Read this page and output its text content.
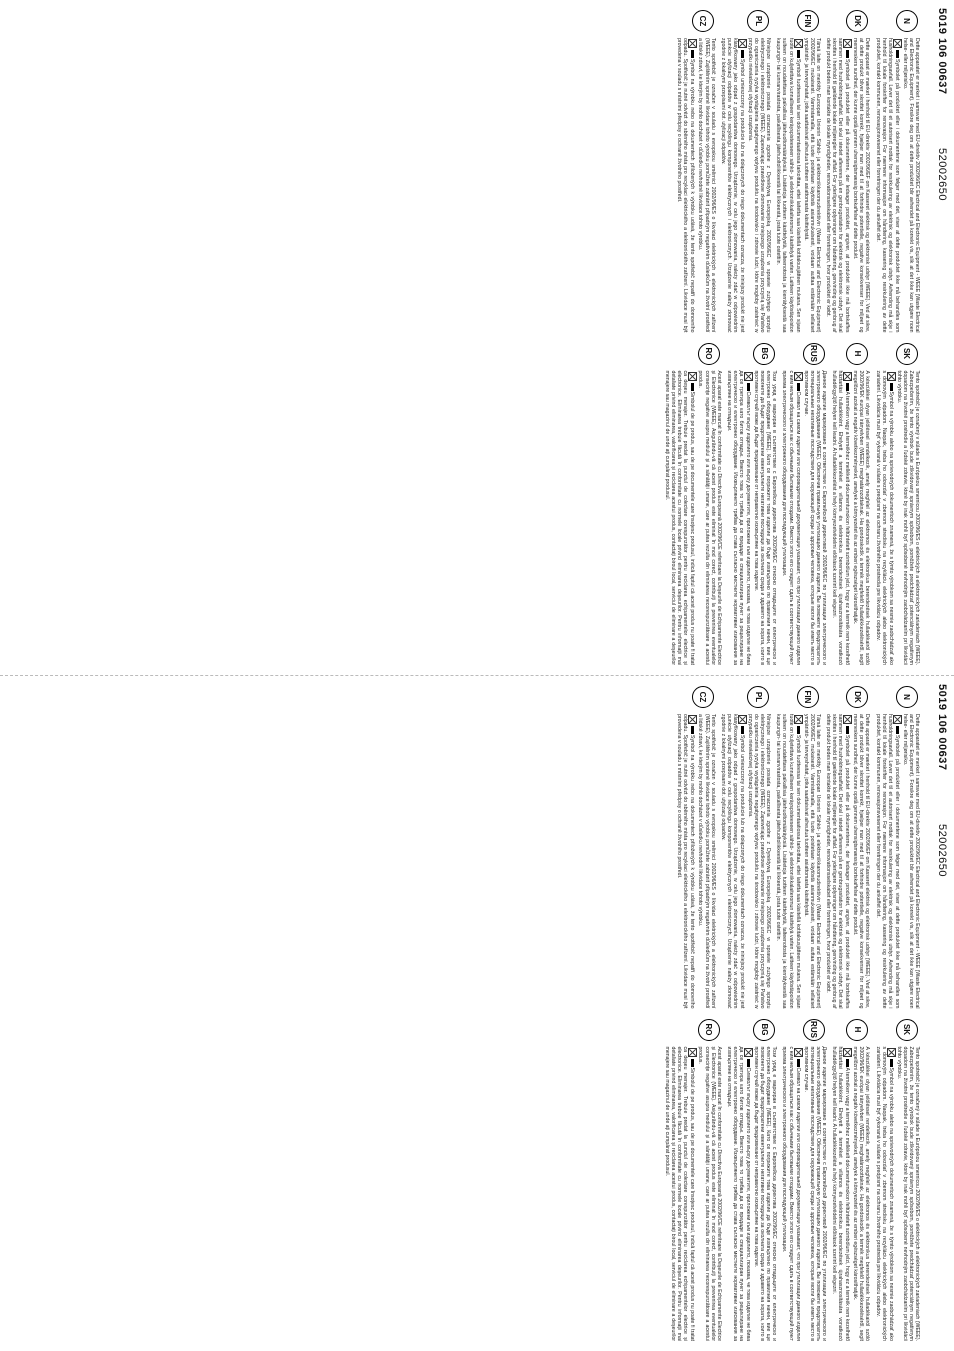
5019 106 00637
52002650
N
Dette apparatet er merket i samsvar med EU-direktiv 2002/96/EC Electrical and Electronic Equipment - WEEE (Waste Electrical and Electronic Equipment). Forsikre deg om at dette produktet blir avhendet på korrekt vis, slik at det ikke kan utgjøre noen helse- eller miljørisiko.
Symbolet på produktet eller i dokumentene som følger med det, viser at dette produktet ikke må behandles som husholdningsavfall. Lever det til et autorisert mottak for resirkulering av elektrisk og elektronisk utstyr. Avhending må skje i henhold til lokale forskrifter for renovasjon. For nærmere informasjon om håndtering, kassering og resirkulering av dette produktet, kontakt kommunen, renovasjonsvesenet eller forretningen der du ankaffet det.
DK
Dette apparat er mærket i henhold til EU-direktiv 2002/96/EF om Kasseret elektrisk og elektronisk udstyr (WEEE). Ved at sikre, at dette produkt bliver skrottet korrekt, hjælper man med til at forhindre potentielle, negative konsekvenser for miljøet og menneskers sundhed, der kunne opstå gennem uhensigtsmæssig bortskaffelse af dette produkt.
Symbolet på produktet eller på dokumenterne, der ledsager produktet, angiver, at produktet ikke må bortskaffes sammen med husholdningsaffald. Det skal i stedet afleveres på en genbrugsstation for elektrisk og elektronisk udstyr. Det skal skrottes i henhold til gældende lokale miljøregler for affald. For yderligere oplysninger om håndtering, genvinding og genbrug af dette produkt bedes man kontakte de lokale myndigheder, renovationsselskabet eller forretningen, hvor produktet er købt.
FIN
Tämä laite on merkitty Euroopan Unionin Sähkö- ja elektroniikkaromudirektiivin (Waste Electrical and Electronic Equipment) 2002/96/EC mukaisesti. Varmistamalla, että tuote poistetaan käytöstä asianmukaisesti, voidaan auttaa estämään sellaiset ympäristö- ja terveyshaitat, jotka saattaisivat aiheutua tuotteen asiattomasta käsittelystä.
Symboli tuotteessa tai sen dokumentaatiossa tarkoittaa, ettei laitetta saa käsitellä kotitalousjätteen mukana. Sen sijaan tuote on kuljetettava kunnalliseen keräyspisteeseen sähkö- ja elektroniikkalaiteromun käsittelyä varten. Laitteen käytöstäpoiston sulteen on noudatettava paikallisia jätehuoltomääräyksiä. Lisätietoja tuotteen käsittelystä, talteenotosta ja kierrätyksestä saa kaupungin- tai kunnanvirastosta, paikallisesta jätehuoltoliikkeestä tai liikkeestä, josta tuote ostettiin.
PL
Niniejsze urządzenie posiada oznaczenia zgodne z Dyrektywą Europejską 2002/96/EC w sprawie zużytego sprzętu elektrycznego i elektronicznego (WEEE). Zapewniając prawidłowe złomowanie niniejszego urządzenia przyczynią się Państwo do ograniczenia ryzyka wystąpienia negatywnego wpływu produktu na środowisko i zdrowie ludzi, które mogłoby zaistnieć w przypadku niewłaściwej utylizacji urządzenia.
Symbol umieszczony na produkcie lub na dołączonych do niego dokumentach oznacza, że niniejszy produkt nie jest klasyfikowany jako odpad z gospodarstwa domowego. Urządzenie, w celu jego złomowania, należy zdać w odpowiednim punkcie utylizacji odpadów w celu recyklingu komponentów elektrycznych i elektronicznych. Urządzenie należy złomować zgodnie z lokalnymi przepisami dot. utylizacji odpadów.
CZ
Tento spotřebič je označen v souladu s evropskou směrnicí 2002/96/ES o likvidaci elektrických a elektronických zařízení (WEEE). Zajištěním správné likvidace tohoto výrobku pomůžete zabránit případným negativním důsledkům na životní prostředí a lidské zdraví, ke kterým by mohlo docházet v důsledku nevhodné likvidace tohoto výrobku.
Symbol na výrobku nebo na dokumentech přiložených k výrobku udává, že tento spotřebič nepatří do domovního odpadu. Spotřebič je nutné odvézt do sběrného místa pro recyklaci elektrického a elektronického zařízení. Likvidace musí být provedena v souladu s místními předpisy o ochraně životního prostředí.
SK
Tento spotrebič je označený v súlade s Európskou smernicou 2002/96/ES o elektrických a elektronických zariadeniach (WEEE). Zabezpečením, že tento výrobok bude zlikvidovaný správnym spôsobom, pomôžete predchádzať potenciálnym negatívnym dopadom na životné prostredie a ľudské zdravie, ktoré by inak mohli byť spôsobené nevhodným zaobchádzaním pri likvidácii tohto výrobku.
Symbol na výrobku alebo na sprievodných dokumentoch znamená, že s týmto výrobkom sa nesmie zaobchádzať ako s domovým odpadom. Naopak, treba ho odovzdať v zbernom stredisku na recykláciu elektrických alebo elektronických zariadení. Likvidácia musí byť vykonaná v súlade s predpismi na ochranu životného prostredia pre likvidáciu odpadov.
H
A készülékei olyan jelöléssel rendelkezik, amely megfelel az elektromos és elektronikus berendezések hulladékairól szóló 2002/96/EK európai irányelvben (WEEE) meghatározottaknak. Ha gondoskodik a termék megfelelő hulladékkezeléséről, segít megelőzni azokat a negatív következményeket, amelyek a környezetet és az emberi egészséget károsíthatják.
A terméken vagy a termékhez mellékelt dokumentumokon feltüntetett szimbólum jelzi, hogy ez a termék nem kezelhető háztartási hulladékként. Ehelyett a terméket a villamos és elektronikus berendezések újrahasznosítására vonatkozó hulladékgyűjtő helyen kell leadni. A hulladékkezelést a helyi környezetvédelmi előírások szerint kell végezni.
RUS
Данное изделие маркировано в соответствии с Европейской директивой 2002/96/EC по утилизации электрического и электронного оборудования (WEEE). Обеспечив правильную утилизацию данного изделия, Вы поможете предотвратить потенциальные негативные последствия для окружающей среды и здоровья человека, которые могли бы иметь место в противном случае.
Символ на самом изделии или сопроводительной документации указывает, что при утилизации данного изделия с ним нельзя обращаться как с обычными бытовыми отходами. Вместо этого его следует сдать в соответствующий пункт приема электрического и электронного оборудования для последующей утилизации.
BG
Този уред е маркиран в съответствие с Европейска директива 2002/96/EC относно отпадъците от електрическо и електронно оборудване (WEEE). Като се погрижите това изделие да бъде изхвърлено по правилния начин, вие ще помогнете да бъдат предотвратени евентуалните негативни последици за околната среда и здравето на хората, които в противен случай може да бъдат предизвикани от неправилно изхвърляне на това изделие.
Символът върху изделието или върху документите, приложени към изделието, показва, че това изделие не бива да се третира като битов отпадък. Вместо това то трябва да се предаде в специализиран пункт за рециклиране на електрическо и електронно оборудване. Изхвърлянето трябва да става съгласно местните нормативни изисквания за изхвърляне на отпадъци.
RO
Acest aparat este marcat în conformitate cu Directiva Europeană 2002/96/CE referitoare la Deşeurile de Echipamente Electrice şi Electronice (WEEE). Asigurându-vă că acest produs este eliminat în mod corect, contribuiţi la prevenirea eventualelor consecinţe negative asupra mediului şi a sănătăţii umane, care ar putea rezulta din eliminarea necorespunzătoare a acestui produs.
Simbolul de pe produs, sau de pe documentele care însoţesc produsul, indică faptul că acest produs nu poate fi tratat ca deşeu menajer. Trebuie predat la punctul de colectare corespunzător pentru reciclarea echipamentelor electrice şi electronice. Eliminarea trebuie făcută în conformitate cu normele locale privind eliminarea deşeurilor. Pentru informaţii mai detaliate privind eliminarea, valorificarea şi reciclarea acestui produs, contactaţi biroul local, serviciul de eliminare a deşeurilor menajere sau magazinul de unde aţi cumpărat produsul.
5019 106 00637
52002650
N
Dette apparatet er merket i samsvar med EU-direktiv 2002/96/EC Electrical and Electronic Equipment - WEEE (Waste Electrical and Electronic Equipment). Forsikre deg om at dette produktet blir avhendet på korrekt vis, slik at det ikke kan utgjøre noen helse- eller miljørisiko.
Symbolet på produktet eller i dokumentene som følger med det, viser at dette produktet ikke må behandles som husholdningsavfall. Lever det til et autorisert mottak for resirkulering av elektrisk og elektronisk utstyr. Avhending må skje i henhold til lokale forskrifter for renovasjon. For nærmere informasjon om håndtering, kassering og resirkulering av dette produktet, kontakt kommunen, renovasjonsvesenet eller forretningen der du ankaffet det.
DK
Dette apparat er mærket i henhold til EU-direktiv 2002/96/EF om Kasseret elektrisk og elektronisk udstyr (WEEE). Ved at sikre, at dette produkt bliver skrottet korrekt, hjælper man med til at forhindre potentielle, negative konsekvenser for miljøet og menneskers sundhed, der kunne opstå gennem uhensigtsmæssig bortskaffelse af dette produkt.
Symbolet på produktet eller på dokumenterne, der ledsager produktet, angiver, at produktet ikke må bortskaffes sammen med husholdningsaffald. Det skal i stedet afleveres på en genbrugsstation for elektrisk og elektronisk udstyr. Det skal skrottes i henhold til gældende lokale miljøregler for affald. For yderligere oplysninger om håndtering, genvinding og genbrug af dette produkt bedes man kontakte de lokale myndigheder, renovationsselskabet eller forretningen, hvor produktet er købt.
FIN
Tämä laite on merkitty Euroopan Unionin Sähkö- ja elektroniikkaromudirektiivin (Waste Electrical and Electronic Equipment) 2002/96/EC mukaisesti. Varmistamalla, että tuote poistetaan käytöstä asianmukaisesti, voidaan auttaa estämään sellaiset ympäristö- ja terveyshaitat, jotka saattaisivat aiheutua tuotteen asiattomasta käsittelystä.
Symboli tuotteessa tai sen dokumentaatiossa tarkoittaa, ettei laitetta saa käsitellä kotitalousjätteen mukana. Sen sijaan tuote on kuljetettava kunnalliseen keräyspisteeseen sähkö- ja elektroniikkalaiteromun käsittelyä varten. Laitteen käytöstäpoiston sulteen on noudatettava paikallisia jätehuoltomääräyksiä. Lisätietoja tuotteen käsittelystä, talteenotosta ja kierrätyksestä saa kaupungin- tai kunnanvirastosta, paikallisesta jätehuoltoliikkeestä tai liikkeestä, josta tuote ostettiin.
PL
Niniejsze urządzenie posiada oznaczenia zgodne z Dyrektywą Europejską 2002/96/EC w sprawie zużytego sprzętu elektrycznego i elektronicznego (WEEE). Zapewniając prawidłowe złomowanie niniejszego urządzenia przyczynią się Państwo do ograniczenia ryzyka wystąpienia negatywnego wpływu produktu na środowisko i zdrowie ludzi, które mogłoby zaistnieć w przypadku niewłaściwej utylizacji urządzenia.
Symbol umieszczony na produkcie lub na dołączonych do niego dokumentach oznacza, że niniejszy produkt nie jest klasyfikowany jako odpad z gospodarstwa domowego. Urządzenie, w celu jego złomowania, należy zdać w odpowiednim punkcie utylizacji odpadów w celu recyklingu komponentów elektrycznych i elektronicznych. Urządzenie należy złomować zgodnie z lokalnymi przepisami dot. utylizacji odpadów.
CZ
Tento spotřebič je označen v souladu s evropskou směrnicí 2002/96/ES o likvidaci elektrických a elektronických zařízení (WEEE). Zajištěním správné likvidace tohoto výrobku pomůžete zabránit případným negativním důsledkům na životní prostředí a lidské zdraví, ke kterým by mohlo docházet v důsledku nevhodné likvidace tohoto výrobku.
Symbol na výrobku nebo na dokumentech přiložených k výrobku udává, že tento spotřebič nepatří do domovního odpadu. Spotřebič je nutné odvézt do sběrného místa pro recyklaci elektrického a elektronického zařízení. Likvidace musí být provedena v souladu s místními předpisy o ochraně životního prostředí.
SK
Tento spotrebič je označený v súlade s Európskou smernicou 2002/96/ES o elektrických a elektronických zariadeniach (WEEE). Zabezpečením, že tento výrobok bude zlikvidovaný správnym spôsobom, pomôžete predchádzať potenciálnym negatívnym dopadom na životné prostredie a ľudské zdravie, ktoré by inak mohli byť spôsobené nevhodným zaobchádzaním pri likvidácii tohto výrobku.
Symbol na výrobku alebo na sprievodných dokumentoch znamená, že s týmto výrobkom sa nesmie zaobchádzať ako s domovým odpadom. Naopak, treba ho odovzdať v zbernom stredisku na recykláciu elektrických alebo elektronických zariadení. Likvidácia musí byť vykonaná v súlade s predpismi na ochranu životného prostredia pre likvidáciu odpadov.
H
A készülékei olyan jelöléssel rendelkezik, amely megfelel az elektromos és elektronikus berendezések hulladékairól szóló 2002/96/EK európai irányelvben (WEEE) meghatározottaknak. Ha gondoskodik a termék megfelelő hulladékkezeléséről, segít megelőzni azokat a negatív következményeket, amelyek a környezetet és az emberi egészséget károsíthatják.
A terméken vagy a termékhez mellékelt dokumentumokon feltüntetett szimbólum jelzi, hogy ez a termék nem kezelhető háztartási hulladékként. Ehelyett a terméket a villamos és elektronikus berendezések újrahasznosítására vonatkozó hulladékgyűjtő helyen kell leadni. A hulladékkezelést a helyi környezetvédelmi előírások szerint kell végezni.
RUS
Данное изделие маркировано в соответствии с Европейской директивой 2002/96/EC по утилизации электрического и электронного оборудования (WEEE). Обеспечив правильную утилизацию данного изделия, Вы поможете предотвратить потенциальные негативные последствия для окружающей среды и здоровья человека, которые могли бы иметь место в противном случае.
Символ на самом изделии или сопроводительной документации указывает, что при утилизации данного изделия с ним нельзя обращаться как с обычными бытовыми отходами. Вместо этого его следует сдать в соответствующий пункт приема электрического и электронного оборудования для последующей утилизации.
BG
Този уред е маркиран в съответствие с Европейска директива 2002/96/EC относно отпадъците от електрическо и електронно оборудване (WEEE). Като се погрижите това изделие да бъде изхвърлено по правилния начин, вие ще помогнете да бъдат предотвратени евентуалните негативни последици за околната среда и здравето на хората, които в противен случай може да бъдат предизвикани от неправилно изхвърляне на това изделие.
Символът върху изделието или върху документите, приложени към изделието, показва, че това изделие не бива да се третира като битов отпадък. Вместо това то трябва да се предаде в специализиран пункт за рециклиране на електрическо и електронно оборудване. Изхвърлянето трябва да става съгласно местните нормативни изисквания за изхвърляне на отпадъци.
RO
Acest aparat este marcat în conformitate cu Directiva Europeană 2002/96/CE referitoare la Deşeurile de Echipamente Electrice şi Electronice (WEEE). Asigurându-vă că acest produs este eliminat în mod corect, contribuiţi la prevenirea eventualelor consecinţe negative asupra mediului şi a sănătăţii umane, care ar putea rezulta din eliminarea necorespunzătoare a acestui produs.
Simbolul de pe produs, sau de pe documentele care însoţesc produsul, indică faptul că acest produs nu poate fi tratat ca deşeu menajer. Trebuie predat la punctul de colectare corespunzător pentru reciclarea echipamentelor electrice şi electronice. Eliminarea trebuie făcută în conformitate cu normele locale privind eliminarea deşeurilor. Pentru informaţii mai detaliate privind eliminarea, valorificarea şi reciclarea acestui produs, contactaţi biroul local, serviciul de eliminare a deşeurilor menajere sau magazinul de unde aţi cumpărat produsul.
